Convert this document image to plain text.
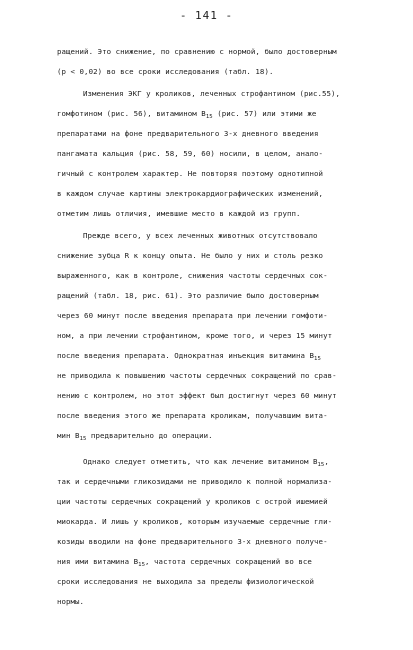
- 141 -
ращений. Это снижение, по сравнению с нормой, было достоверным
(р < 0,02) во все сроки исследования (табл. 18).
Изменения ЭКГ у кроликов, леченных строфантином (рис.55),
гомфотином (рис. 56), витамином $В_{15}$ (рис. 57) или этими же
препаратами на фоне предварительного 3-х дневного введения
пангамата кальция (рис. 58, 59, 60) носили, в целом, анало-
гичный с контролем характер. Не повторяя поэтому однотипной
в каждом случае картины электрокардиографических изменений,
отметим лишь отличия, имевшие место в каждой из групп.
Прежде всего, у всех леченных животных отсутствовало
снижение зубца R к концу опыта. Не было у них и столь резко
выраженного, как в контроле, снижения частоты сердечных сок-
ращений (табл. 18, рис. 61). Это различие было достоверным
через 60 минут после введения препарата при лечении гомфоти-
ном, а при лечении строфантином, кроме того, и через 15 минут
после введения препарата. Однократная инъекция витамина $В_{15}$
не приводила к повышению частоты сердечных сокращений по срав-
нению с контролем, но этот эффект был достигнут через 60 минут
после введения этого же препарата кроликам, получавшим вита-
мин $В_{15}$ предварительно до операции.
Однако следует отметить, что как лечение витамином $В_{15}$,
так и сердечными гликозидами не приводило к полной нормализа-
ции частоты сердечных сокращений у кроликов с острой ишемией
миокарда. И лишь у кроликов, которым изучаемые сердечные гли-
козиды вводили на фоне предварительного 3-х дневного получе-
ния ими витамина $В_{15}$, частота сердечных сокращений во все
сроки исследования не выходила за пределы физиологической
нормы.
